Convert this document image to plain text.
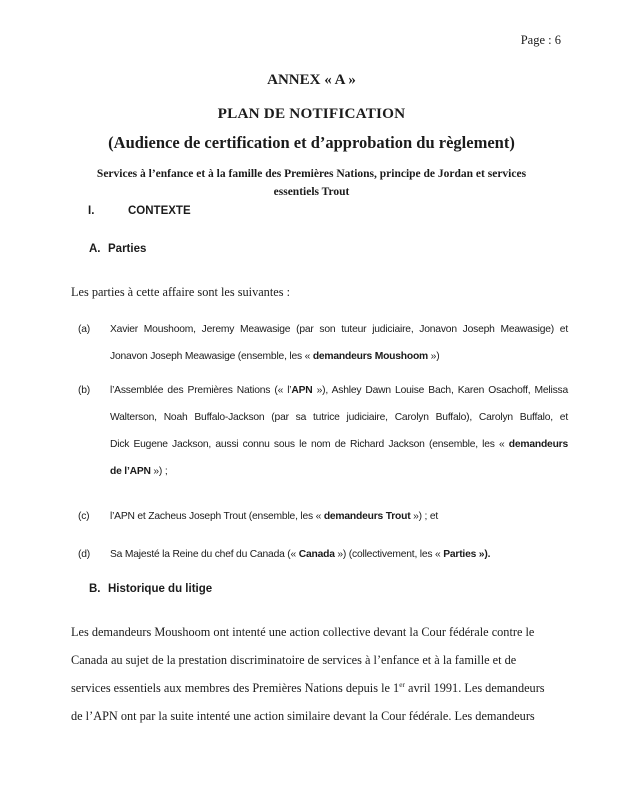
Page : 6
ANNEX « A »
PLAN DE NOTIFICATION
(Audience de certification et d’approbation du règlement)
Services à l’enfance et à la famille des Premières Nations, principe de Jordan et services
essentiels Trout
I.	CONTEXTE
A. Parties
Les parties à cette affaire sont les suivantes :
(a) Xavier Moushoom, Jeremy Meawasige (par son tuteur judiciaire, Jonavon Joseph Meawasige) et
Jonavon Joseph Meawasige (ensemble, les « demandeurs Moushoom »)
(b) l’Assemblée des Premières Nations (« l’APN »), Ashley Dawn Louise Bach, Karen Osachoff, Melissa
Walterson, Noah Buffalo-Jackson (par sa tutrice judiciaire, Carolyn Buffalo), Carolyn Buffalo, et
Dick Eugene Jackson, aussi connu sous le nom de Richard Jackson (ensemble, les « demandeurs
de l’APN ») ;
(c) l’APN et Zacheus Joseph Trout (ensemble, les « demandeurs Trout ») ; et
(d) Sa Majesté la Reine du chef du Canada (« Canada ») (collectivement, les « Parties »).
B. Historique du litige
Les demandeurs Moushoom ont intenté une action collective devant la Cour fédérale contre le
Canada au sujet de la prestation discriminatoire de services à l’enfance et à la famille et de
services essentiels aux membres des Premières Nations depuis le 1er avril 1991. Les demandeurs
de l’APN ont par la suite intenté une action similaire devant la Cour fédérale. Les demandeurs
